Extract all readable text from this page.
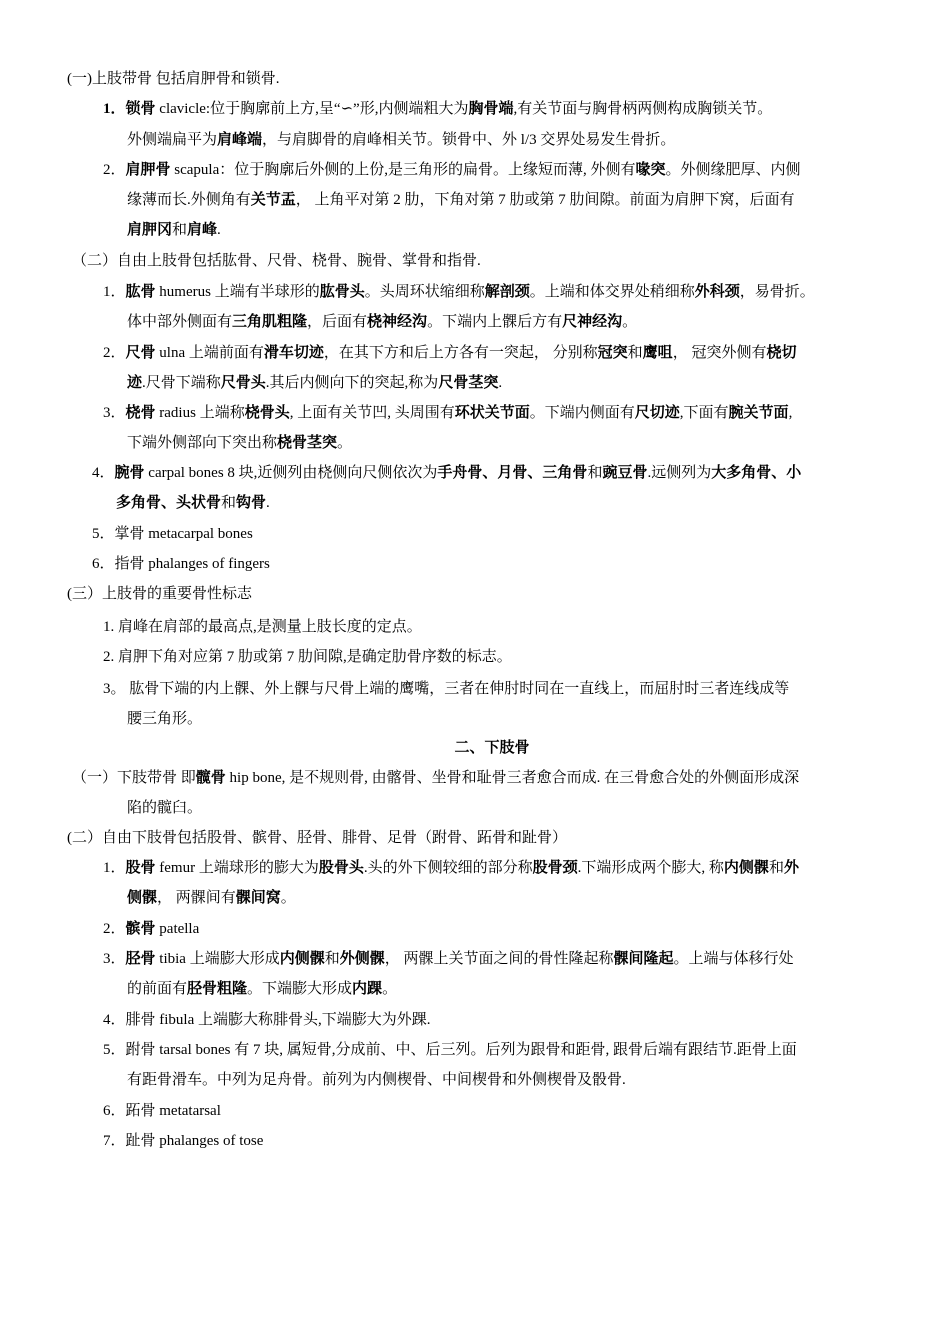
(一)上肢带骨 包括肩胛骨和锁骨.
1．锁骨 clavicle:位于胸廓前上方,呈“∽”形,内侧端粗大为胸骨端,有关节面与胸骨柄两侧构成胸锁关节。
外侧端扁平为肩峰端，与肩脚骨的肩峰相关节。锁骨中、外 l/3 交界处易发生骨折。
2．肩胛骨 scapula：位于胸廓后外侧的上份,是三角形的扁骨。上缘短而薄, 外侧有喙突。外侧缘肥厚、内侧
缘薄而长.外侧角有关节盂， 上角平对第 2 肋，下角对第 7 肋或第 7 肋间隙。前面为肩胛下窝，后面有
肩胛冈和肩峰.
（二）自由上肢骨包括肱骨、尺骨、桡骨、腕骨、掌骨和指骨.
1．肱骨 humerus 上端有半球形的肱骨头。头周环状缩细称解剖颈。上端和体交界处稍细称外科颈，易骨折。
体中部外侧面有三角肌粗隆，后面有桡神经沟。下端内上髁后方有尺神经沟。
2．尺骨 ulna 上端前面有滑车切迹，在其下方和后上方各有一突起， 分别称冠突和鹰咀， 冠突外侧有桡切
迹.尺骨下端称尺骨头.其后内侧向下的突起,称为尺骨茎突.
3．桡骨 radius 上端称桡骨头, 上面有关节凹, 头周围有环状关节面。下端内侧面有尺切迹,下面有腕关节面,
下端外侧部向下突出称桡骨茎突。
4．腕骨 carpal bones 8 块,近侧列由桡侧向尺侧依次为手舟骨、月骨、三角骨和豌豆骨.远侧列为大多角骨、小
多角骨、头状骨和钩骨.
5．掌骨 metacarpal bones
6．指骨 phalanges of fingers
(三）上肢骨的重要骨性标志
1. 肩峰在肩部的最高点,是测量上肢长度的定点。
2. 肩胛下角对应第 7 肋或第 7 肋间隙,是确定肋骨序数的标志。
3。 肱骨下端的内上髁、外上髁与尺骨上端的鹰嘴，三者在伸肘时同在一直线上，而屈肘时三者连线成等
腰三角形。
二、下肢骨
（一）下肢带骨 即髋骨 hip bone, 是不规则骨, 由髂骨、坐骨和耻骨三者愈合而成. 在三骨愈合处的外侧面形成深
陷的髋臼。
(二）自由下肢骨包括股骨、髌骨、胫骨、腓骨、足骨（跗骨、跖骨和趾骨）
1．股骨 femur 上端球形的膨大为股骨头.头的外下侧较细的部分称股骨颈.下端形成两个膨大, 称内侧髁和外
侧髁， 两髁间有髁间窝。
2．髌骨 patella
3．胫骨 tibia 上端膨大形成内侧髁和外侧髁， 两髁上关节面之间的骨性隆起称髁间隆起。上端与体移行处
的前面有胫骨粗隆。下端膨大形成内踝。
4．腓骨 fibula 上端膨大称腓骨头,下端膨大为外踝.
5．跗骨 tarsal bones 有 7 块, 属短骨,分成前、中、后三列。后列为跟骨和距骨, 跟骨后端有跟结节.距骨上面
有距骨滑车。中列为足舟骨。前列为内侧楔骨、中间楔骨和外侧楔骨及骰骨.
6．跖骨 metatarsal
7．趾骨 phalanges of tose
